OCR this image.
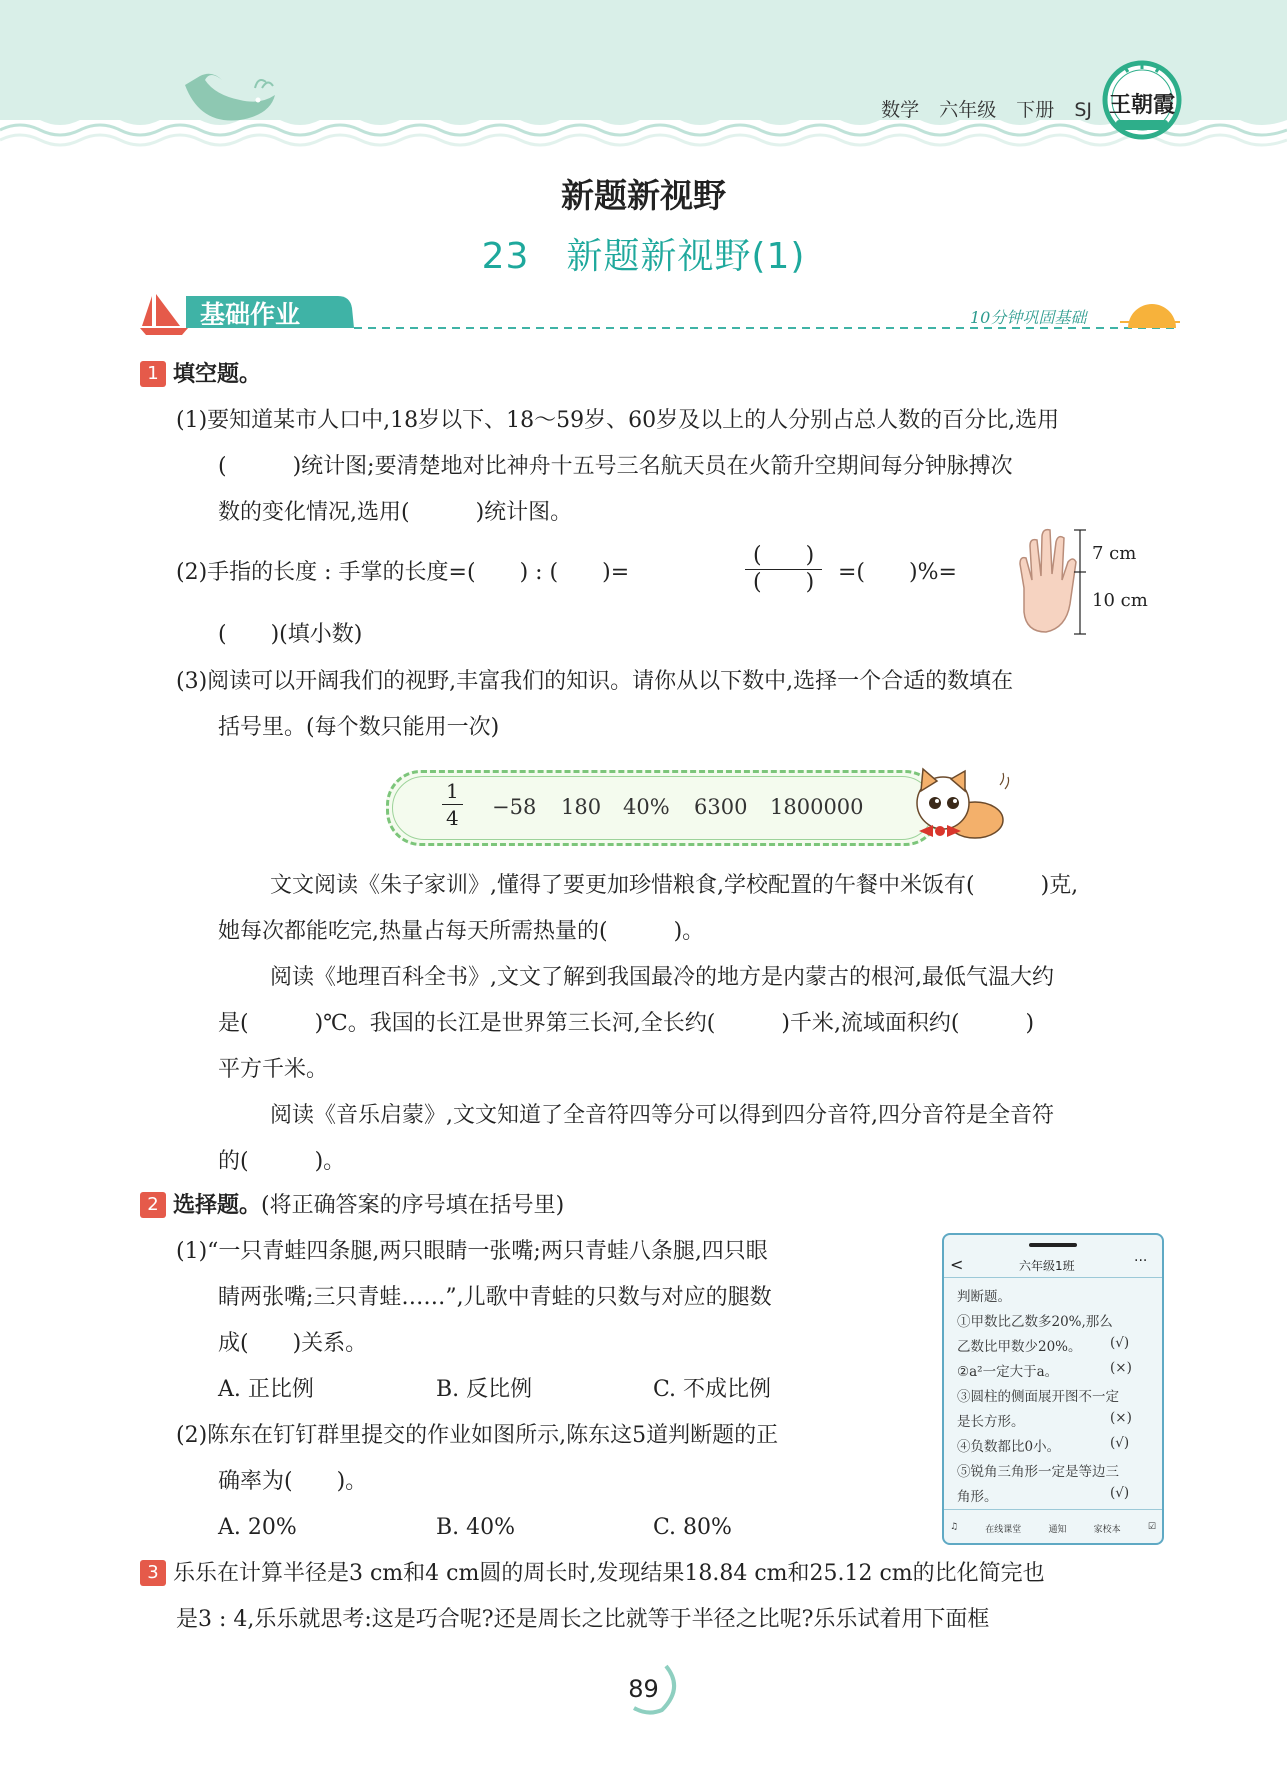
数学 六年级 下册 SJ 王朝霞
新题新视野
23　新题新视野(1)
基础作业	10分钟巩固基础
1 填空题。
(1)要知道某市人口中,18岁以下、18～59岁、60岁及以上的人分别占总人数的百分比,选用
(　　　)统计图;要清楚地对比神舟十五号三名航天员在火箭升空期间每分钟脉搏次
数的变化情况,选用(　　　)统计图。
(2)手指的长度 : 手掌的长度=(　　) : (　　)=
(　　)
(　　)	=(　　)%=
(　　)(填小数)
7 cm
10 cm
(3)阅读可以开阔我们的视野,丰富我们的知识。请你从以下数中,选择一个合适的数填在
括号里。(每个数只能用一次)
$\frac{1}{4} -58$ 180 40% 6300 1800000
文文阅读《朱子家训》,懂得了要更加珍惜粮食,学校配置的午餐中米饭有(　　　)克,
她每次都能吃完,热量占每天所需热量的(　　　)。
阅读《地理百科全书》,文文了解到我国最冷的地方是内蒙古的根河,最低气温大约
是(　　　)℃。我国的长江是世界第三长河,全长约(　　　)千米,流域面积约(　　　)
平方千米。
阅读《音乐启蒙》,文文知道了全音符四等分可以得到四分音符,四分音符是全音符
的(　　　)。
2 选择题。(将正确答案的序号填在括号里)
(1)“一只青蛙四条腿,两只眼睛一张嘴;两只青蛙八条腿,四只眼
睛两张嘴;三只青蛙……”,儿歌中青蛙的只数与对应的腿数
成(　　)关系。
A. 正比例	B. 反比例	C. 不成比例
(2)陈东在钉钉群里提交的作业如图所示,陈东这5道判断题的正
确率为(　　)。
A. 20%	B. 40%	C. 80%
<	六年级1班	···
判断题。
①甲数比乙数多20%,那么
乙数比甲数少20%。 (√)
②a²一定大于a。	(×)
③圆柱的侧面展开图不一定
是长方形。	(×)
④负数都比0小。	(√)
⑤锐角三角形一定是等边三
角形。	(√)
♫	在线课堂	通知	家校本	☑
3 乐乐在计算半径是3 cm和4 cm圆的周长时,发现结果18.84 cm和25.12 cm的比化简完也
是3 : 4,乐乐就思考:这是巧合呢?还是周长之比就等于半径之比呢?乐乐试着用下面框
89
